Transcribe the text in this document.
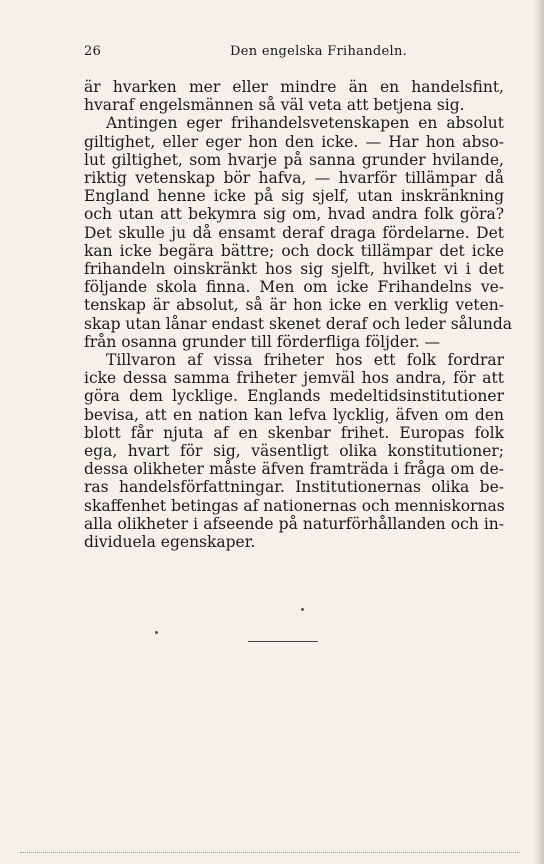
26	Den engelska Frihandeln.
är hvarken mer eller mindre än en handelsfint,
hvaraf engelsmännen så väl veta att betjena sig.
Antingen eger frihandelsvetenskapen en absolut
giltighet, eller eger hon den icke. — Har hon abso-
lut giltighet, som hvarje på sanna grunder hvilande,
riktig vetenskap bör hafva, — hvarför tillämpar då
England henne icke på sig sjelf, utan inskränkning
och utan att bekymra sig om, hvad andra folk göra?
Det skulle ju då ensamt deraf draga fördelarne. Det
kan icke begära bättre; och dock tillämpar det icke
frihandeln oinskränkt hos sig sjelft, hvilket vi i det
följande skola finna. Men om icke Frihandelns ve-
tenskap är absolut, så är hon icke en verklig veten-
skap utan lånar endast skenet deraf och leder sålunda
från osanna grunder till förderfliga följder. —
Tillvaron af vissa friheter hos ett folk fordrar
icke dessa samma friheter jemväl hos andra, för att
göra dem lyckligе. Englands medeltidsinstitutioner
bevisa, att en nation kan lefva lycklig, äfven om den
blott får njuta af en skenbar frihet. Europas folk
ega, hvart för sig, väsentligt olika konstitutioner;
dessa olikheter måste äfven framträda i fråga om de-
ras handelsförfattningar. Institutionernas olika be-
skaffenhet betingas af nationernas och menniskornas
alla olikheter i afseende på naturförhållanden och in-
dividuela egenskaper.
